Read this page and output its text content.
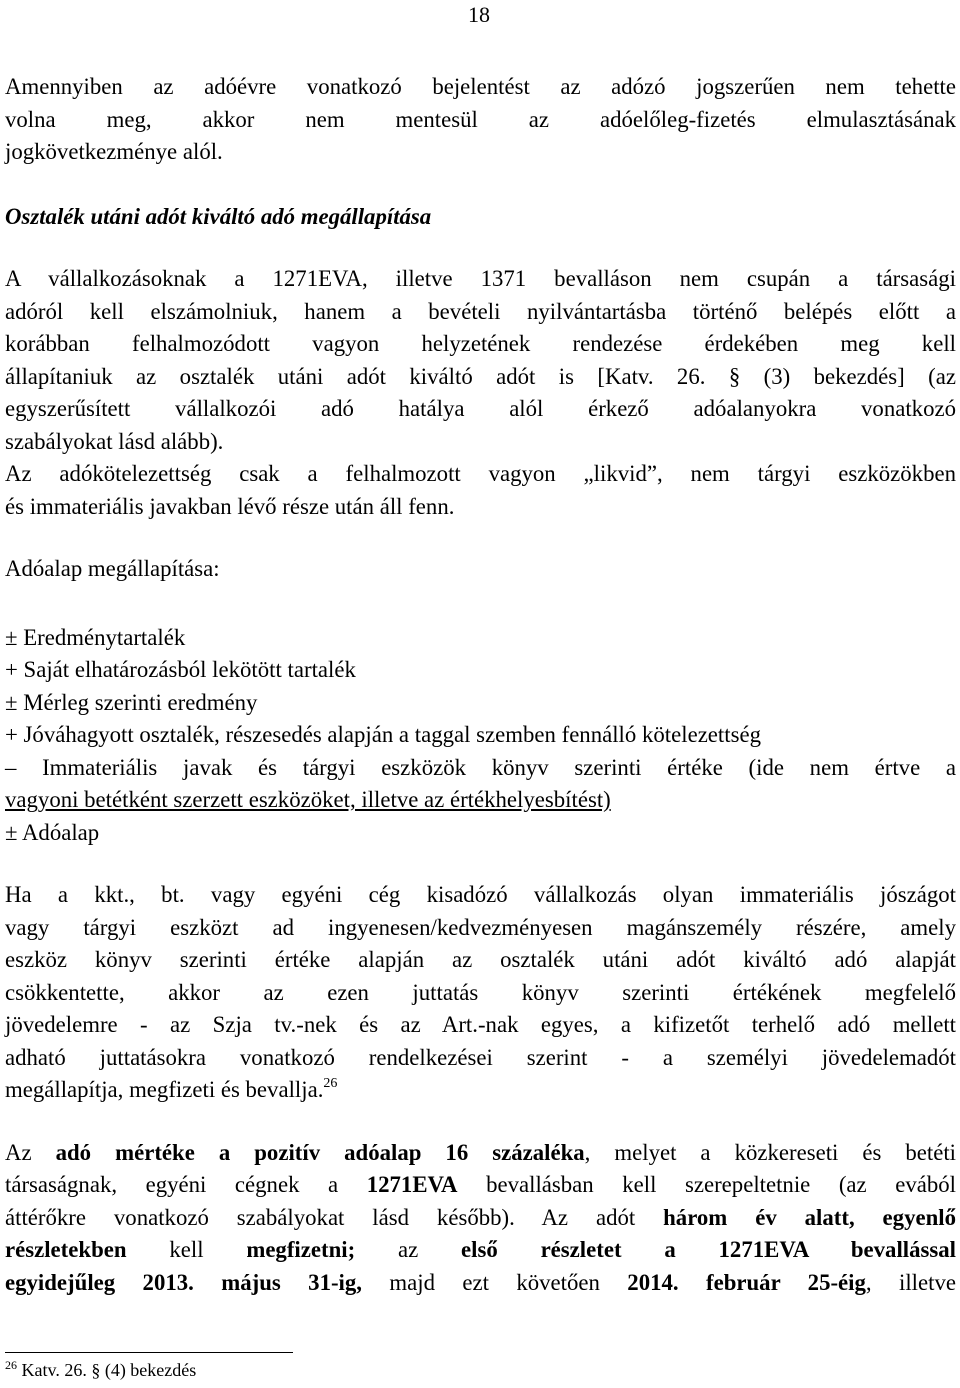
18

Amennyiben az adóévre vonatkozó bejelentést az adózó jogszerűen nem tehette
volna meg, akkor nem mentesül az adóelőleg-fizetés elmulasztásának
jogkövetkezménye alól.

Osztalék utáni adót kiváltó adó megállapítása

A vállalkozásoknak a 1271EVA, illetve 1371 bevalláson nem csupán a társasági
adóról kell elszámolniuk, hanem a bevételi nyilvántartásba történő belépés előtt a
korábban felhalmozódott vagyon helyzetének rendezése érdekében meg kell
állapítaniuk az osztalék utáni adót kiváltó adót is [Katv. 26. § (3) bekezdés] (az
egyszerűsített vállalkozói adó hatálya alól érkező adóalanyokra vonatkozó
szabályokat lásd alább).

Az adókötelezettség csak a felhalmozott vagyon „likvid”, nem tárgyi eszközökben
és immateriális javakban lévő része után áll fenn.

Adóalap megállapítása:

± Eredménytartalék
+ Saját elhatározásból lekötött tartalék
± Mérleg szerinti eredmény
+ Jóváhagyott osztalék, részesedés alapján a taggal szemben fennálló kötelezettség
– Immateriális javak és tárgyi eszközök könyv szerinti értéke (ide nem értve a
vagyoni betétként szerzett eszközöket, illetve az értékhelyesbítést)
± Adóalap

Ha a kkt., bt. vagy egyéni cég kisadózó vállalkozás olyan immateriális jószágot
vagy tárgyi eszközt ad ingyenesen/kedvezményesen magánszemély részére, amely
eszköz könyv szerinti értéke alapján az osztalék utáni adót kiváltó adó alapját
csökkentette, akkor az ezen juttatás könyv szerinti értékének megfelelő
jövedelemre - az Szja tv.-nek és az Art.-nak egyes, a kifizetőt terhelő adó mellett
adható juttatásokra vonatkozó rendelkezései szerint - a személyi jövedelemadót
megállapítja, megfizeti és bevallja.$^{26}$

Az adó mértéke a pozitív adóalap 16 százaléka, melyet a közkereseti és betéti
társaságnak, egyéni cégnek a 1271EVA bevallásban kell szerepeltetnie (az evából
áttérőkre vonatkozó szabályokat lásd később). Az adót három év alatt, egyenlő
részletekben kell megfizetni; az első részletet a 1271EVA bevallással
egyidejűleg 2013. május 31-ig, majd ezt követően 2014. február 25-éig, illetve

$^{26}$ Katv. 26. § (4) bekezdés
